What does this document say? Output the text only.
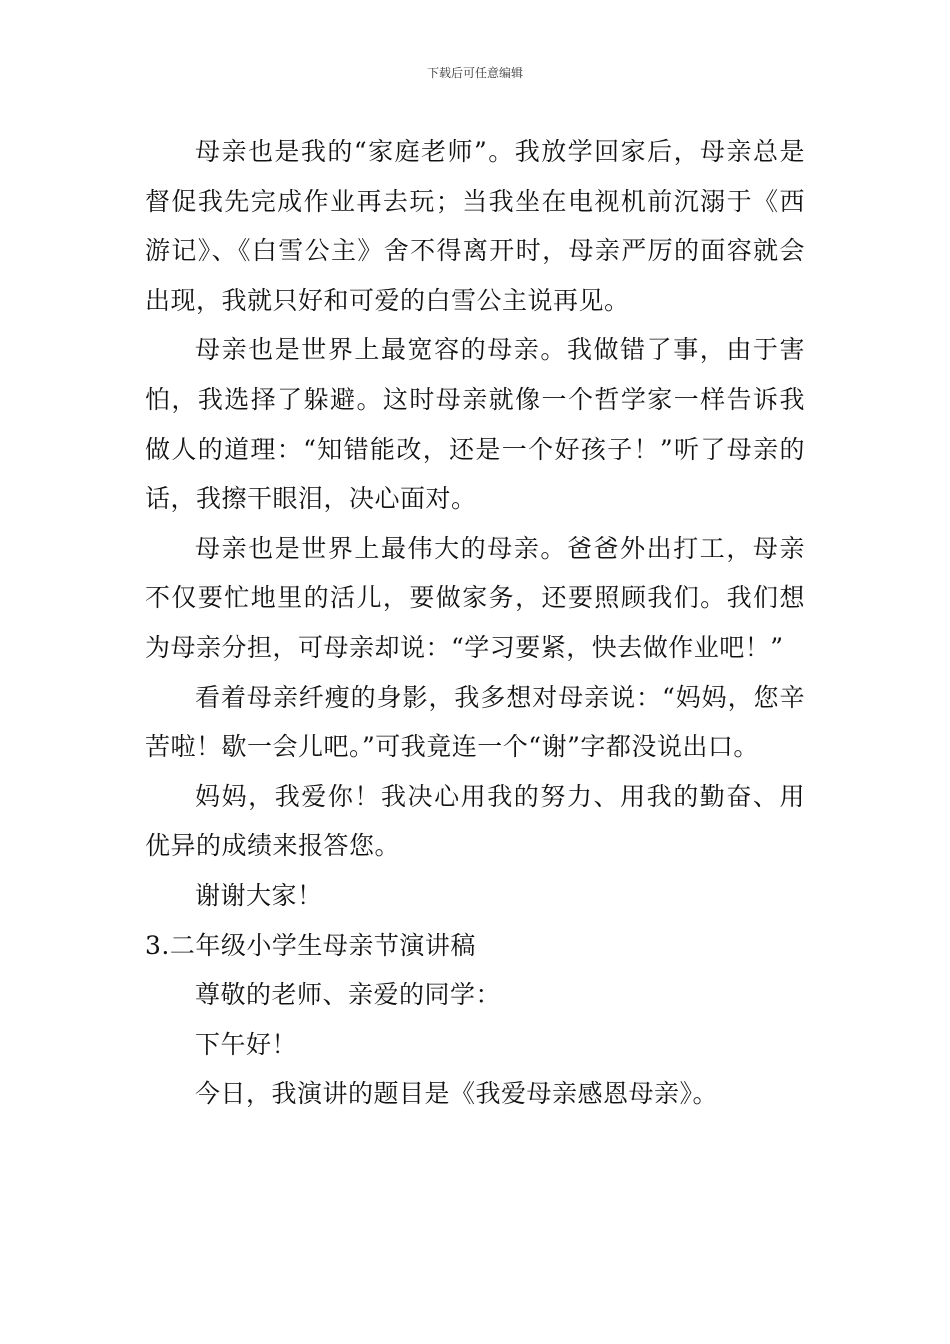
下载后可任意编辑

母亲也是我的“家庭老师”。我放学回家后，母亲总是督促我先完成作业再去玩；当我坐在电视机前沉溺于《西游记》、《白雪公主》舍不得离开时，母亲严厉的面容就会出现，我就只好和可爱的白雪公主说再见。

母亲也是世界上最宽容的母亲。我做错了事，由于害怕，我选择了躲避。这时母亲就像一个哲学家一样告诉我做人的道理：“知错能改，还是一个好孩子！”听了母亲的话，我擦干眼泪，决心面对。

母亲也是世界上最伟大的母亲。爸爸外出打工，母亲不仅要忙地里的活儿，要做家务，还要照顾我们。我们想为母亲分担，可母亲却说：“学习要紧，快去做作业吧！”

看着母亲纤瘦的身影，我多想对母亲说：“妈妈，您辛苦啦！歇一会儿吧。”可我竟连一个“谢”字都没说出口。

妈妈，我爱你！我决心用我的努力、用我的勤奋、用优异的成绩来报答您。

谢谢大家！

3.二年级小学生母亲节演讲稿

尊敬的老师、亲爱的同学：

下午好！

今日，我演讲的题目是《我爱母亲感恩母亲》。
